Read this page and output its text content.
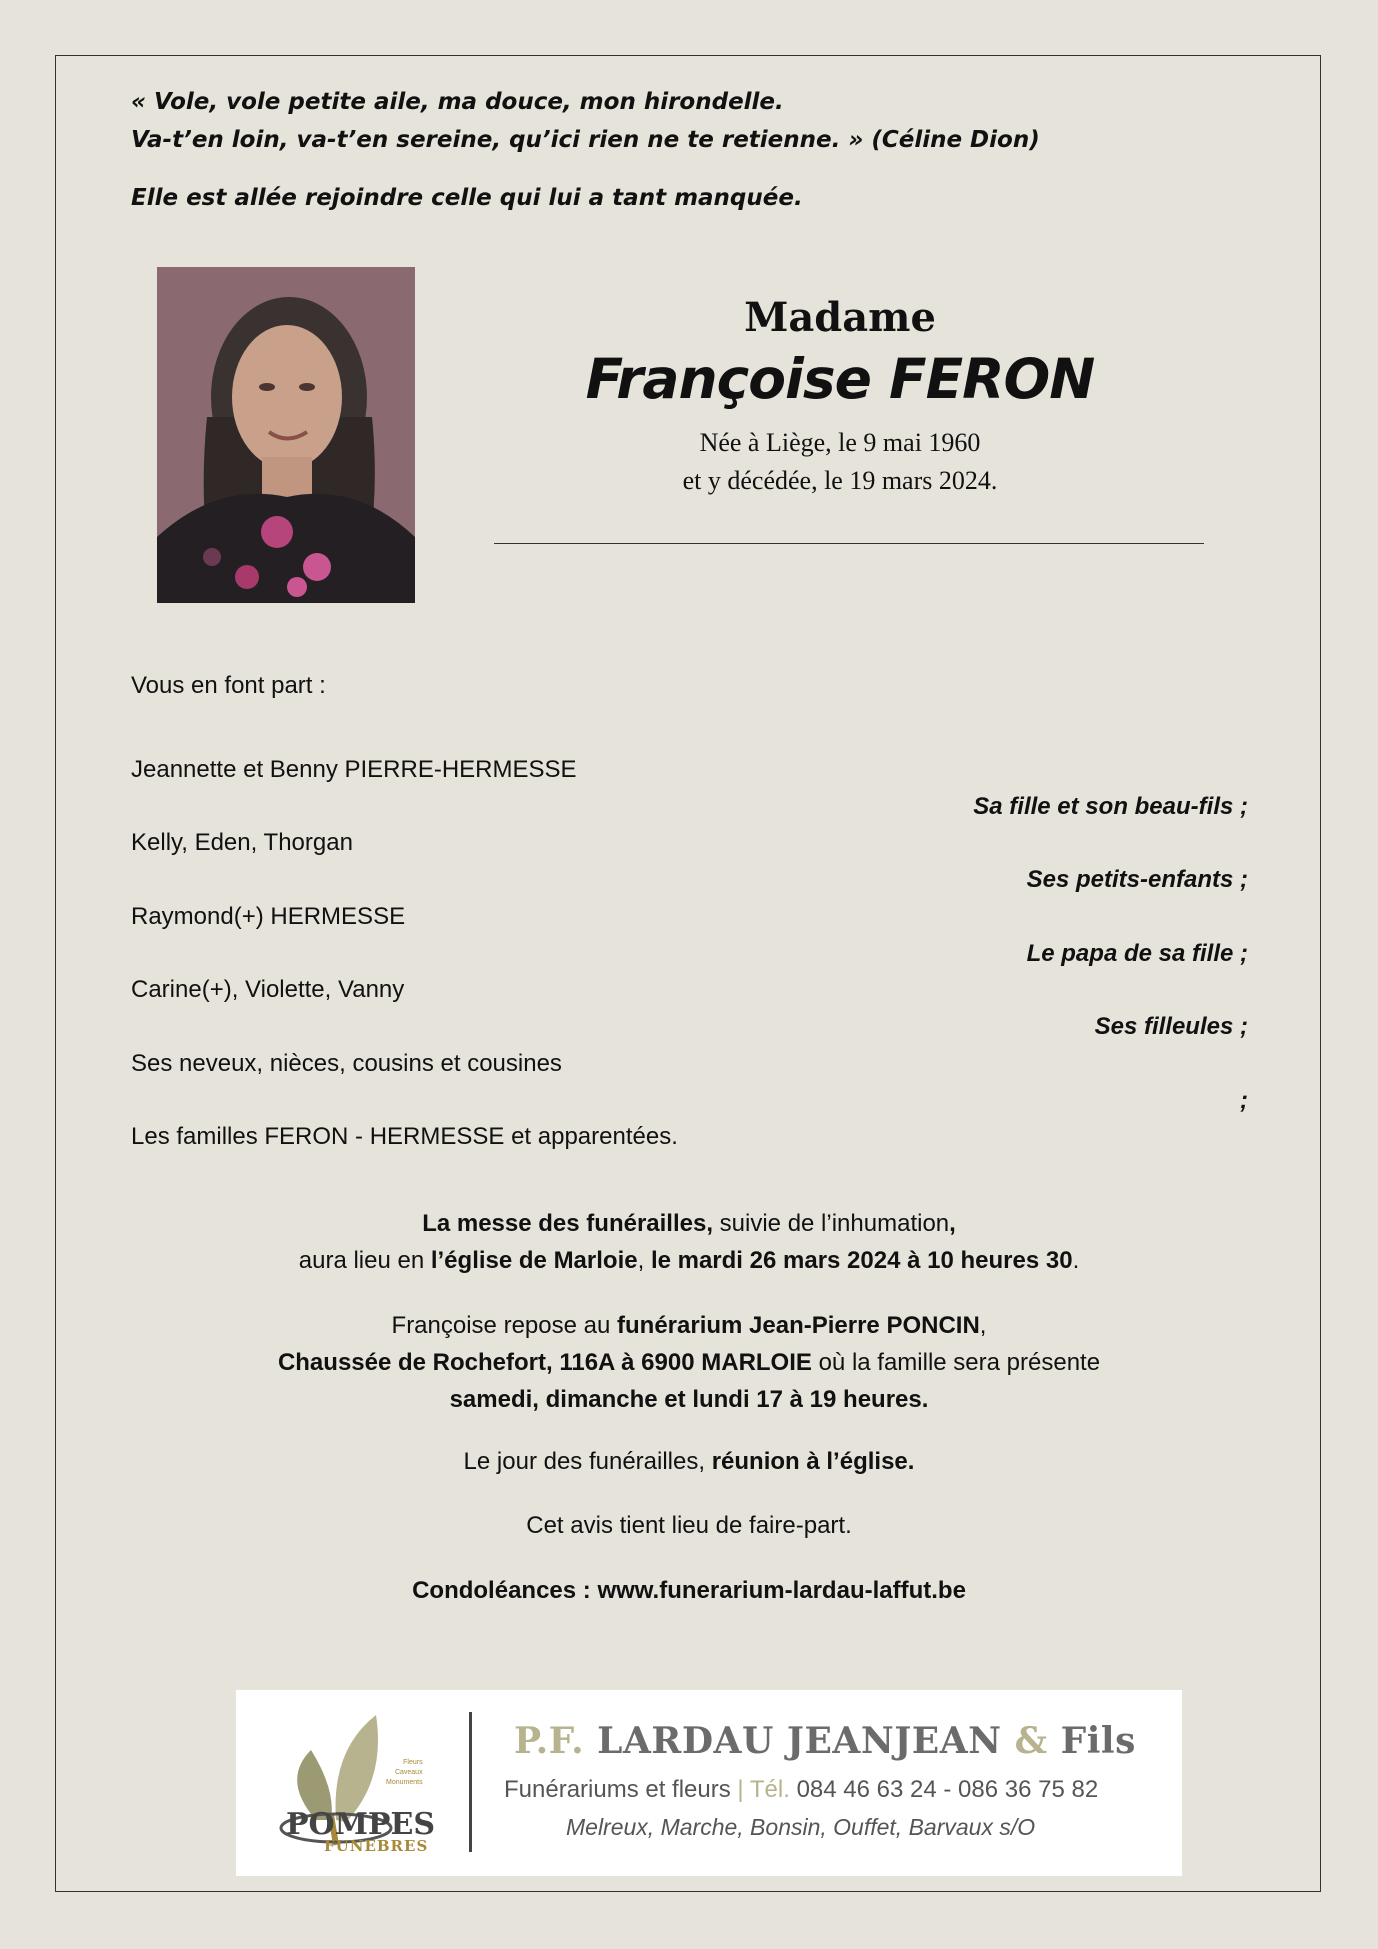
« Vole, vole petite aile, ma douce, mon hirondelle.
Va-t’en loin, va-t’en sereine, qu’ici rien ne te retienne. » (Céline Dion)
Elle est allée rejoindre celle qui lui a tant manquée.
Madame
Françoise FERON
Née à Liège, le 9 mai 1960
et y décédée, le 19 mars 2024.
Vous en font part :
Jeannette et Benny PIERRE-HERMESSE
Sa fille et son beau-fils ;
Kelly, Eden, Thorgan
Ses petits-enfants ;
Raymond(+) HERMESSE
Le papa de sa fille ;
Carine(+), Violette, Vanny
Ses filleules ;
Ses neveux, nièces, cousins et cousines
;
Les familles FERON - HERMESSE et apparentées.
La messe des funérailles, suivie de l’inhumation,
aura lieu en l’église de Marloie, le mardi 26 mars 2024 à 10 heures 30.
Françoise repose au funérarium Jean-Pierre PONCIN,
Chaussée de Rochefort, 116A à 6900 MARLOIE où la famille sera présente
samedi, dimanche et lundi 17 à 19 heures.
Le jour des funérailles, réunion à l’église.
Cet avis tient lieu de faire-part.
Condoléances : www.funerarium-lardau-laffut.be
Fleurs
Caveaux
Monuments
POMPES
FUNEBRES
P.F. LARDAU JEANJEAN & Fils
Funérariums et fleurs | Tél. 084 46 63 24 - 086 36 75 82
Melreux, Marche, Bonsin, Ouffet, Barvaux s/O
